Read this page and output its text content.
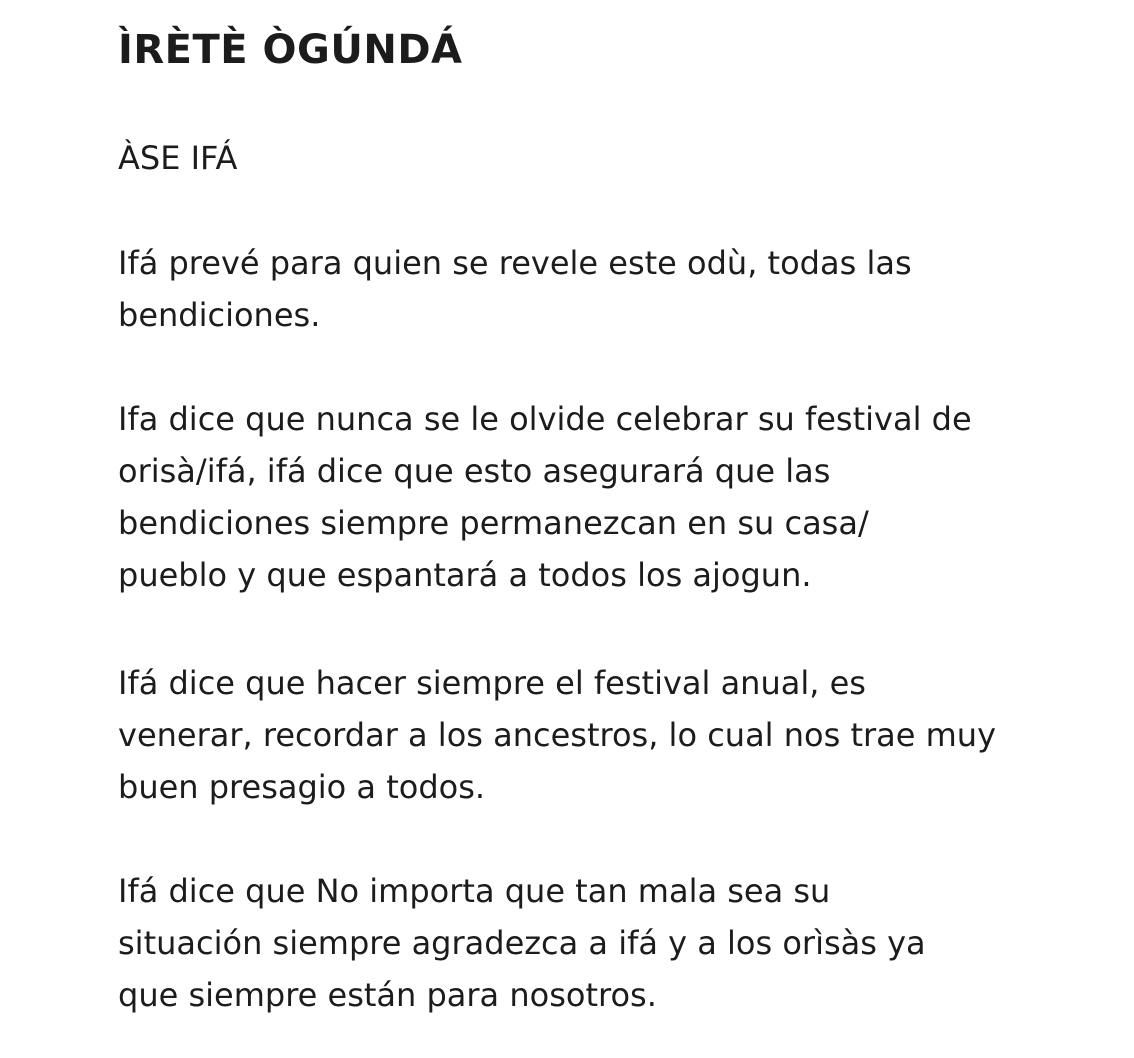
ÌRÈTÈ ÒGÚNDÁ

ÀSE IFÁ

Ifá prevé para quien se revele este odù, todas las
bendiciones.

Ifa dice que nunca se le olvide celebrar su festival de
orisà/ifá, ifá dice que esto asegurará que las
bendiciones siempre permanezcan en su casa/
pueblo y que espantará a todos los ajogun.

Ifá dice que hacer siempre el festival anual, es
venerar, recordar a los ancestros, lo cual nos trae muy
buen presagio a todos.

Ifá dice que No importa que tan mala sea su
situación siempre agradezca a ifá y a los orìsàs ya
que siempre están para nosotros.
